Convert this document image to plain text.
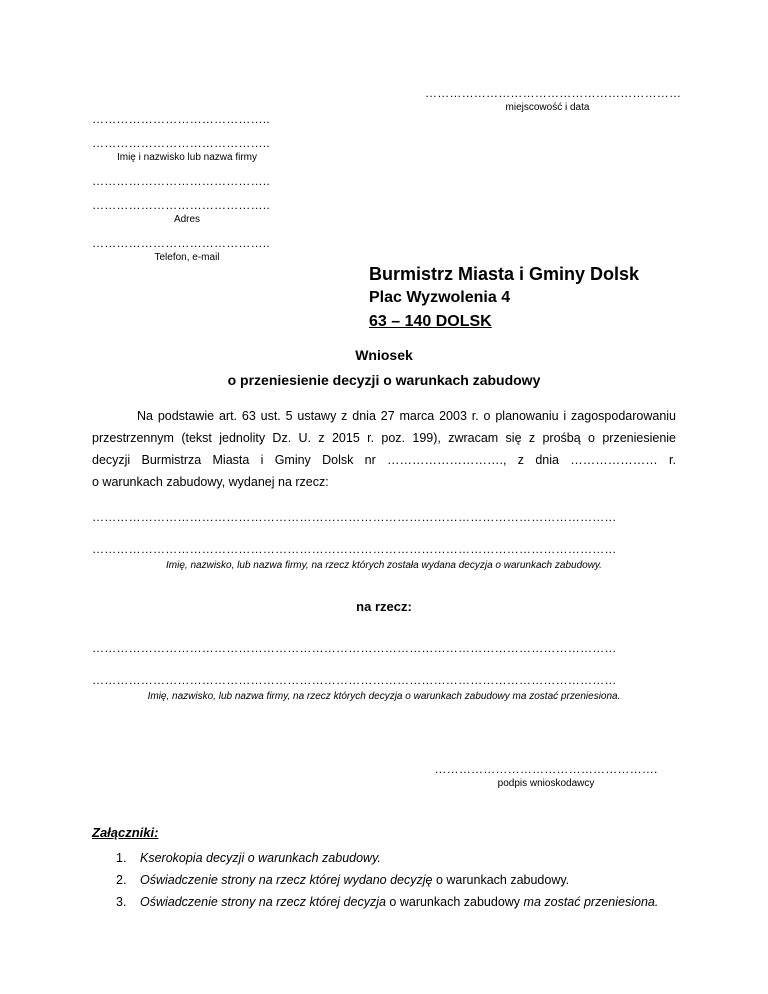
………………………………………………………
miejscowość i data
……………………………………..
……………………………………..
Imię i nazwisko lub nazwa firmy
……………………………………..
……………………………………..
Adres
……………………………………..
Telefon, e-mail
Burmistrz Miasta i Gminy Dolsk
Plac Wyzwolenia 4
63 – 140 DOLSK
Wniosek
o przeniesienie decyzji o warunkach zabudowy
Na podstawie art. 63 ust. 5 ustawy z dnia 27 marca 2003 r. o planowaniu i zagospodarowaniu
przestrzennym (tekst jednolity Dz. U. z 2015 r. poz. 199), zwracam się z prośbą o przeniesienie
decyzji Burmistrza Miasta i Gminy Dolsk nr ………………………., z dnia ………………… r.
o warunkach zabudowy, wydanej na rzecz:
…………………………………………………………………………………………………………………
…………………………………………………………………………………………………………………
Imię, nazwisko, lub nazwa firmy, na rzecz których została wydana decyzja o warunkach zabudowy.
na rzecz:
…………………………………………………………………………………………………………………
…………………………………………………………………………………………………………………
Imię, nazwisko, lub nazwa firmy, na rzecz których decyzja o warunkach zabudowy ma zostać przeniesiona.
……………………………………………….
podpis wnioskodawcy
Załączniki:
1. Kserokopia decyzji o warunkach zabudowy.
2. Oświadczenie strony na rzecz której wydano decyzję o warunkach zabudowy.
3. Oświadczenie strony na rzecz której decyzja o warunkach zabudowy ma zostać przeniesiona.
